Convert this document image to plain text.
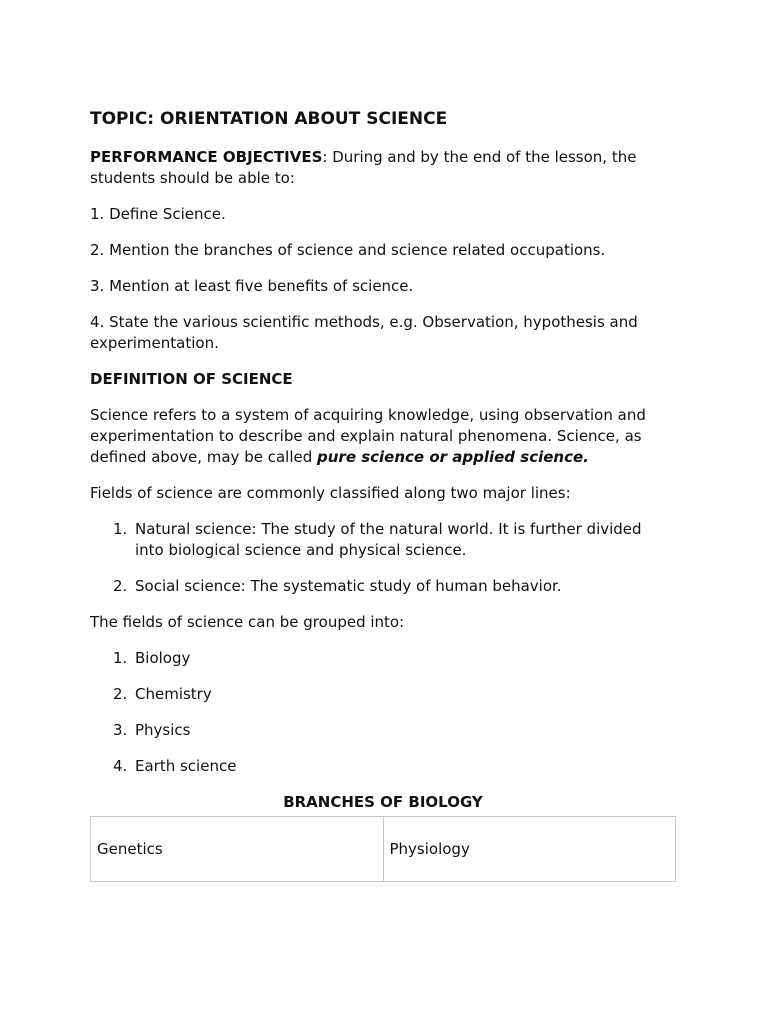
TOPIC: ORIENTATION ABOUT SCIENCE

PERFORMANCE OBJECTIVES: During and by the end of the lesson, the students should be able to:

1. Define Science.

2. Mention the branches of science and science related occupations.

3. Mention at least five benefits of science.

4. State the various scientific methods, e.g. Observation, hypothesis and experimentation.

DEFINITION OF SCIENCE

Science refers to a system of acquiring knowledge, using observation and experimentation to describe and explain natural phenomena. Science, as defined above, may be called pure science or applied science.

Fields of science are commonly classified along two major lines:

1. Natural science: The study of the natural world. It is further divided into biological science and physical science.
2. Social science: The systematic study of human behavior.

The fields of science can be grouped into:

1. Biology
2. Chemistry
3. Physics
4. Earth science
BRANCHES OF BIOLOGY
Genetics	Physiology
